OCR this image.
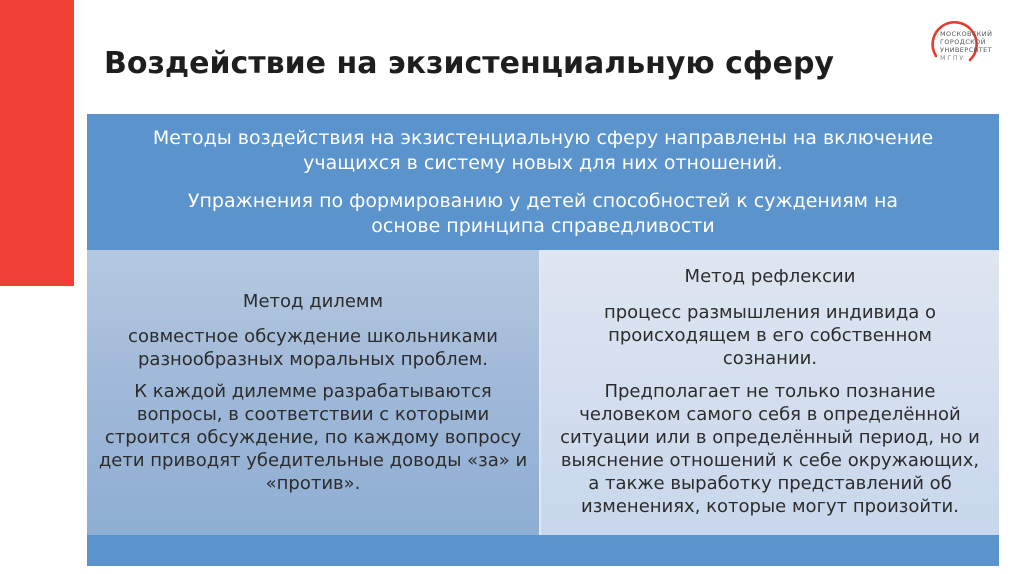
Воздействие на экзистенциальную сферу
МОСКОВСКИЙ
ГОРОДСКОЙ
УНИВЕРСИТЕТ
МГПУ

Методы воздействия на экзистенциальную сферу направлены на включение
учащихся в систему новых для них отношений.

Упражнения по формированию у детей способностей к суждениям на
основе принципа справедливости

Метод дилемм

совместное обсуждение школьниками
разнообразных моральных проблем.

К каждой дилемме разрабатываются
вопросы, в соответствии с которыми
строится обсуждение, по каждому вопросу
дети приводят убедительные доводы «за» и
«против».

Метод рефлексии

процесс размышления индивида о
происходящем в его собственном
сознании.

Предполагает не только познание
человеком самого себя в определённой
ситуации или в определённый период, но и
выяснение отношений к себе окружающих,
а также выработку представлений об
изменениях, которые могут произойти.
